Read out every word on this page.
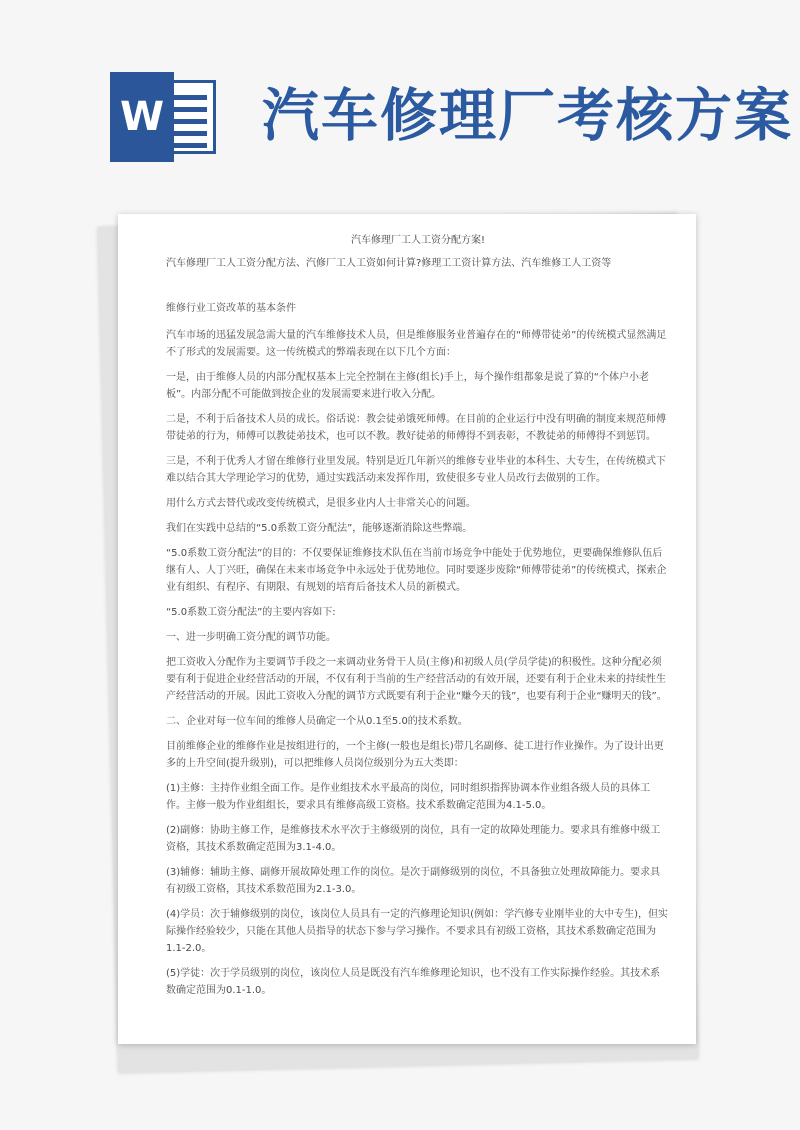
W 汽车修理厂考核方案
汽车修理厂工人工资分配方案!
汽车修理厂工人工资分配方法、汽修厂工人工资如何计算?修理工工资计算方法、汽车维修工人工资等
维修行业工资改革的基本条件
汽车市场的迅猛发展急需大量的汽车维修技术人员，但是维修服务业普遍存在的“师傅带徒弟”的传统模式显然满足不了形式的发展需要。这一传统模式的弊端表现在以下几个方面：
一是，由于维修人员的内部分配权基本上完全控制在主修(组长)手上，每个操作组都象是说了算的“个体户小老板”。内部分配不可能做到按企业的发展需要来进行收入分配。
二是，不利于后备技术人员的成长。俗话说：教会徒弟饿死师傅。在目前的企业运行中没有明确的制度来规范师傅带徒弟的行为，师傅可以教徒弟技术，也可以不教。教好徒弟的师傅得不到表彰，不教徒弟的师傅得不到惩罚。
三是，不利于优秀人才留在维修行业里发展。特别是近几年新兴的维修专业毕业的本科生、大专生，在传统模式下难以结合其大学理论学习的优势，通过实践活动来发挥作用，致使很多专业人员改行去做别的工作。
用什么方式去替代或改变传统模式，是很多业内人士非常关心的问题。
我们在实践中总结的“5.0系数工资分配法”，能够逐渐消除这些弊端。
“5.0系数工资分配法”的目的：不仅要保证维修技术队伍在当前市场竞争中能处于优势地位，更要确保维修队伍后继有人、人丁兴旺，确保在未来市场竞争中永远处于优势地位。同时要逐步废除“师傅带徒弟”的传统模式，探索企业有组织、有程序、有期限、有规划的培育后备技术人员的新模式。
“5.0系数工资分配法”的主要内容如下:
一、进一步明确工资分配的调节功能。
把工资收入分配作为主要调节手段之一来调动业务骨干人员(主修)和初级人员(学员学徒)的积极性。这种分配必须要有利于促进企业经营活动的开展，不仅有利于当前的生产经营活动的有效开展，还要有利于企业未来的持续性生产经营活动的开展。因此工资收入分配的调节方式既要有利于企业“赚今天的钱”，也要有利于企业“赚明天的钱”。
二、企业对每一位车间的维修人员确定一个从0.1至5.0的技术系数。
目前维修企业的维修作业是按组进行的，一个主修(一般也是组长)带几名副修、徒工进行作业操作。为了设计出更多的上升空间(提升级别)，可以把维修人员岗位级别分为五大类即：
(1)主修：主持作业组全面工作。是作业组技术水平最高的岗位，同时组织指挥协调本作业组各级人员的具体工作。主修一般为作业组组长，要求具有维修高级工资格。技术系数确定范围为4.1-5.0。
(2)副修：协助主修工作，是维修技术水平次于主修级别的岗位，具有一定的故障处理能力。要求具有维修中级工资格，其技术系数确定范围为3.1-4.0。
(3)辅修：辅助主修、副修开展故障处理工作的岗位。是次于副修级别的岗位，不具备独立处理故障能力。要求具有初级工资格，其技术系数范围为2.1-3.0。
(4)学员：次于辅修级别的岗位，该岗位人员具有一定的汽修理论知识(例如：学汽修专业刚毕业的大中专生)，但实际操作经验较少，只能在其他人员指导的状态下参与学习操作。不要求具有初级工资格，其技术系数确定范围为1.1-2.0。
(5)学徒：次于学员级别的岗位，该岗位人员是既没有汽车维修理论知识，也不没有工作实际操作经验。其技术系数确定范围为0.1-1.0。
